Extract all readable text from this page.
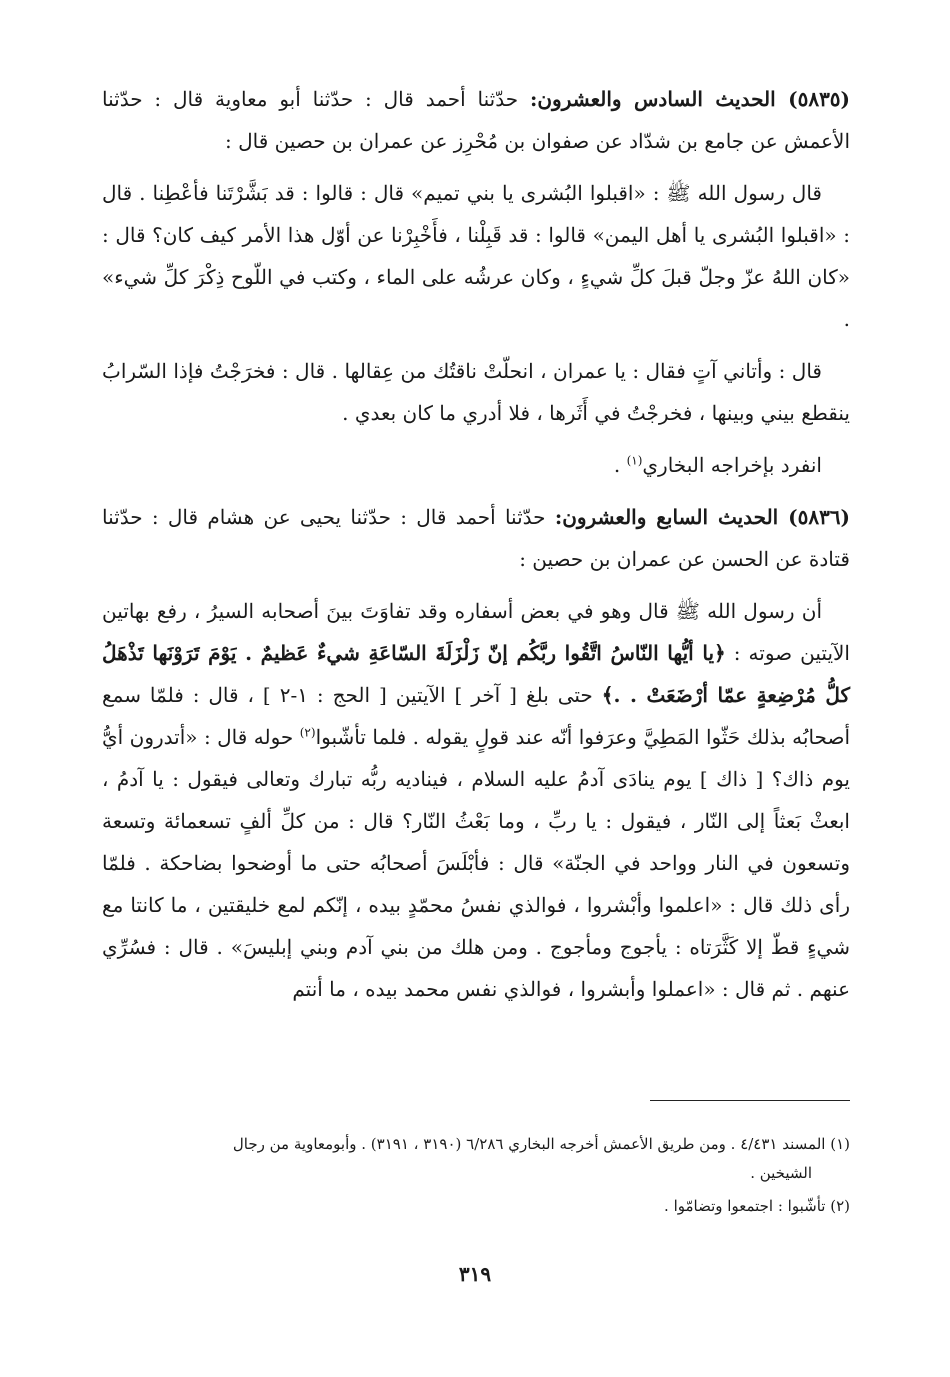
(٥٨٣٥) الحديث السادس والعشرون: حدّثنا أحمد قال : حدّثنا أبو معاوية قال : حدّثنا الأعمش عن جامع بن شدّاد عن صفوان بن مُحْرِز عن عمران بن حصين قال :

قال رسول الله ﷺ : «اقبلوا البُشرى يا بني تميم» قال : قالوا : قد بَشَّرْتَنا فأعْطِنا . قال : «اقبلوا البُشرى يا أهل اليمن» قالوا : قد قَبِلْنا ، فأَخْبِرْنا عن أوّل هذا الأمر كيف كان؟ قال : «كان اللهُ عزّ وجلّ قبلَ كلِّ شيءٍ ، وكان عرشُه على الماء ، وكتب في اللّوح ذِكْرَ كلِّ شيء» .

قال : وأتاني آتٍ فقال : يا عمران ، انحلّتْ ناقتُك من عِقالها . قال : فخرَجْتُ فإذا السّرابُ ينقطع بيني وبينها ، فخرجْتُ في أَثَرها ، فلا أدري ما كان بعدي .

انفرد بإخراجه البخاري$^{(١)}$ .

(٥٨٣٦) الحديث السابع والعشرون: حدّثنا أحمد قال : حدّثنا يحيى عن هشام قال : حدّثنا قتادة عن الحسن عن عمران بن حصين :

أن رسول الله ﷺ قال وهو في بعض أسفاره وقد تفاوَتَ بينَ أصحابه السيرُ ، رفع بهاتين الآيتين صوته : ﴿يا أيُّها النّاسُ اتَّقُوا ربَّكُم إنّ زَلْزَلَةَ السّاعَةِ شيءٌ عَظيمٌ . يَوْمَ تَرَوْنَها تَذْهَلُ كلُّ مُرْضِعةٍ عمّا أرْضَعَتْ . .﴾ حتى بلغ [ آخر ] الآيتين [ الحج : ١-٢ ] ، قال : فلمّا سمع أصحابُه بذلك حَثّوا المَطِيَّ وعرَفوا أنّه عند قولٍ يقوله . فلما تأشّبوا$^{(٢)}$ حوله قال : «أتدرون أيُّ يوم ذاك؟ [ ذاك ] يوم ينادَى آدمُ عليه السلام ، فيناديه ربُّه تبارك وتعالى فيقول : يا آدمُ ، ابعثْ بَعثاً إلى النّار ، فيقول : يا ربِّ ، وما بَعْثُ النّار؟ قال : من كلِّ ألفٍ تسعمائة وتسعة وتسعون في النار وواحد في الجنّة» قال : فأبْلَسَ أصحابُه حتى ما أوضحوا بضاحكة . فلمّا رأى ذلك قال : «اعلموا وأبْشروا ، فوالذي نفسُ محمّدٍ بيده ، إنّكم لمع خليقتين ، ما كانتا مع شيءٍ قطّ إلا كَثَّرَتاه : يأجوج ومأجوج . ومن هلك من بني آدم وبني إبليسَ» . قال : فسُرِّي عنهم . ثم قال : «اعملوا وأبشروا ، فوالذي نفس محمد بيده ، ما أنتم

(١) المسند ٤/٤٣١ . ومن طريق الأعمش أخرجه البخاري ٦/٢٨٦ (٣١٩٠ ، ٣١٩١) . وأبومعاوية من رجال
الشيخين .

(٢) تأشّبوا : اجتمعوا وتضامّوا .

٣١٩
